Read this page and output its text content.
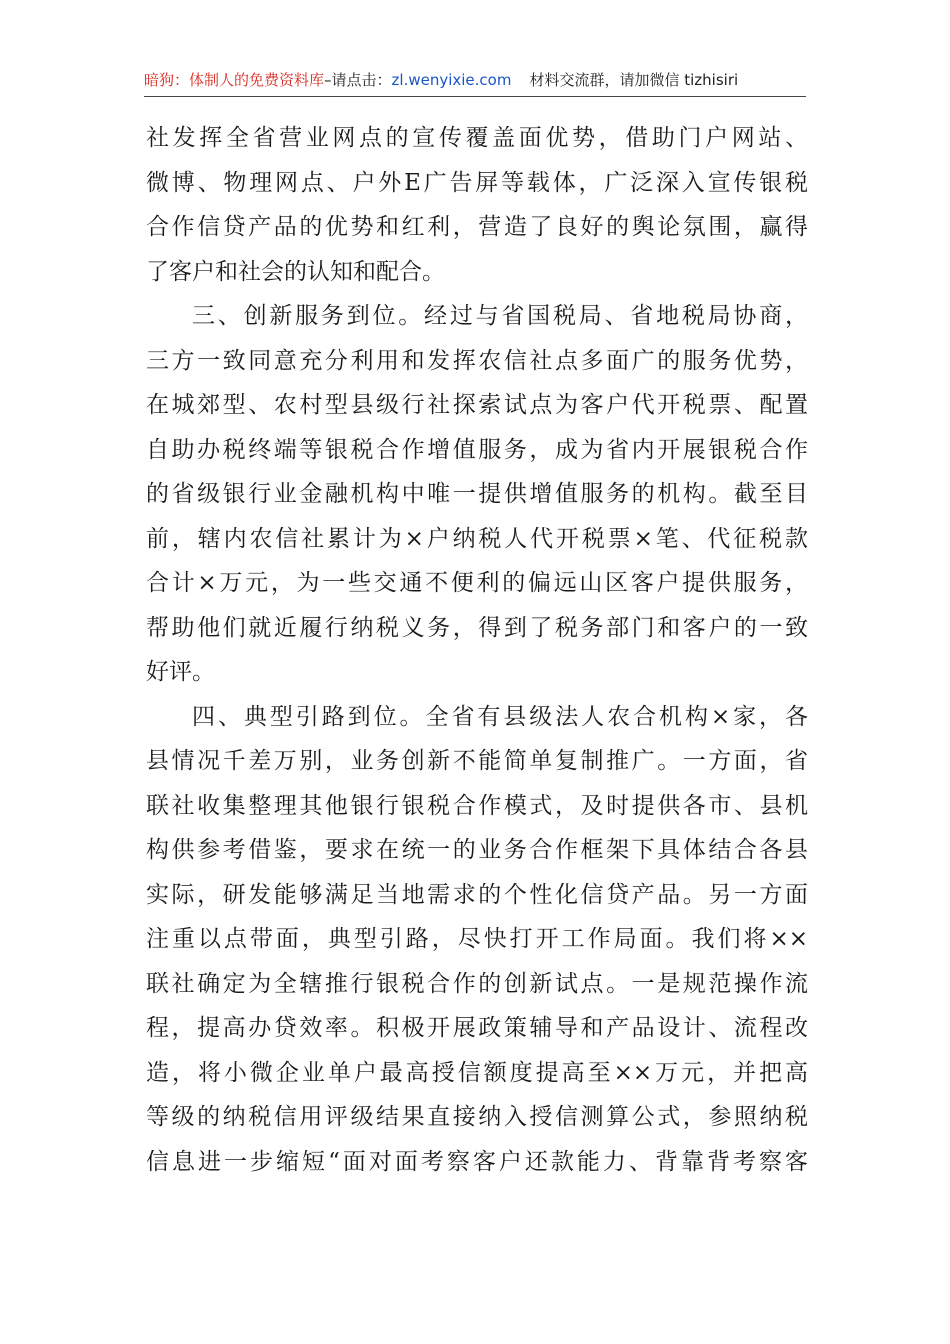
暗狗：体制人的免费资料库–请点击：zl.wenyixie.com 材料交流群，请加微信 tizhisiri
社发挥全省营业网点的宣传覆盖面优势，借助门户网站、
微博、物理网点、户外E广告屏等载体，广泛深入宣传银税
合作信贷产品的优势和红利，营造了良好的舆论氛围，赢得
了客户和社会的认知和配合。
三、创新服务到位。经过与省国税局、省地税局协商，
三方一致同意充分利用和发挥农信社点多面广的服务优势，
在城郊型、农村型县级行社探索试点为客户代开税票、配置
自助办税终端等银税合作增值服务，成为省内开展银税合作
的省级银行业金融机构中唯一提供增值服务的机构。截至目
前，辖内农信社累计为×户纳税人代开税票×笔、代征税款
合计×万元，为一些交通不便利的偏远山区客户提供服务，
帮助他们就近履行纳税义务，得到了税务部门和客户的一致
好评。
四、典型引路到位。全省有县级法人农合机构×家，各
县情况千差万别，业务创新不能简单复制推广。一方面，省
联社收集整理其他银行银税合作模式，及时提供各市、县机
构供参考借鉴，要求在统一的业务合作框架下具体结合各县
实际，研发能够满足当地需求的个性化信贷产品。另一方面
注重以点带面，典型引路，尽快打开工作局面。我们将××
联社确定为全辖推行银税合作的创新试点。一是规范操作流
程，提高办贷效率。积极开展政策辅导和产品设计、流程改
造，将小微企业单户最高授信额度提高至××万元，并把高
等级的纳税信用评级结果直接纳入授信测算公式，参照纳税
信息进一步缩短“面对面考察客户还款能力、背靠背考察客
